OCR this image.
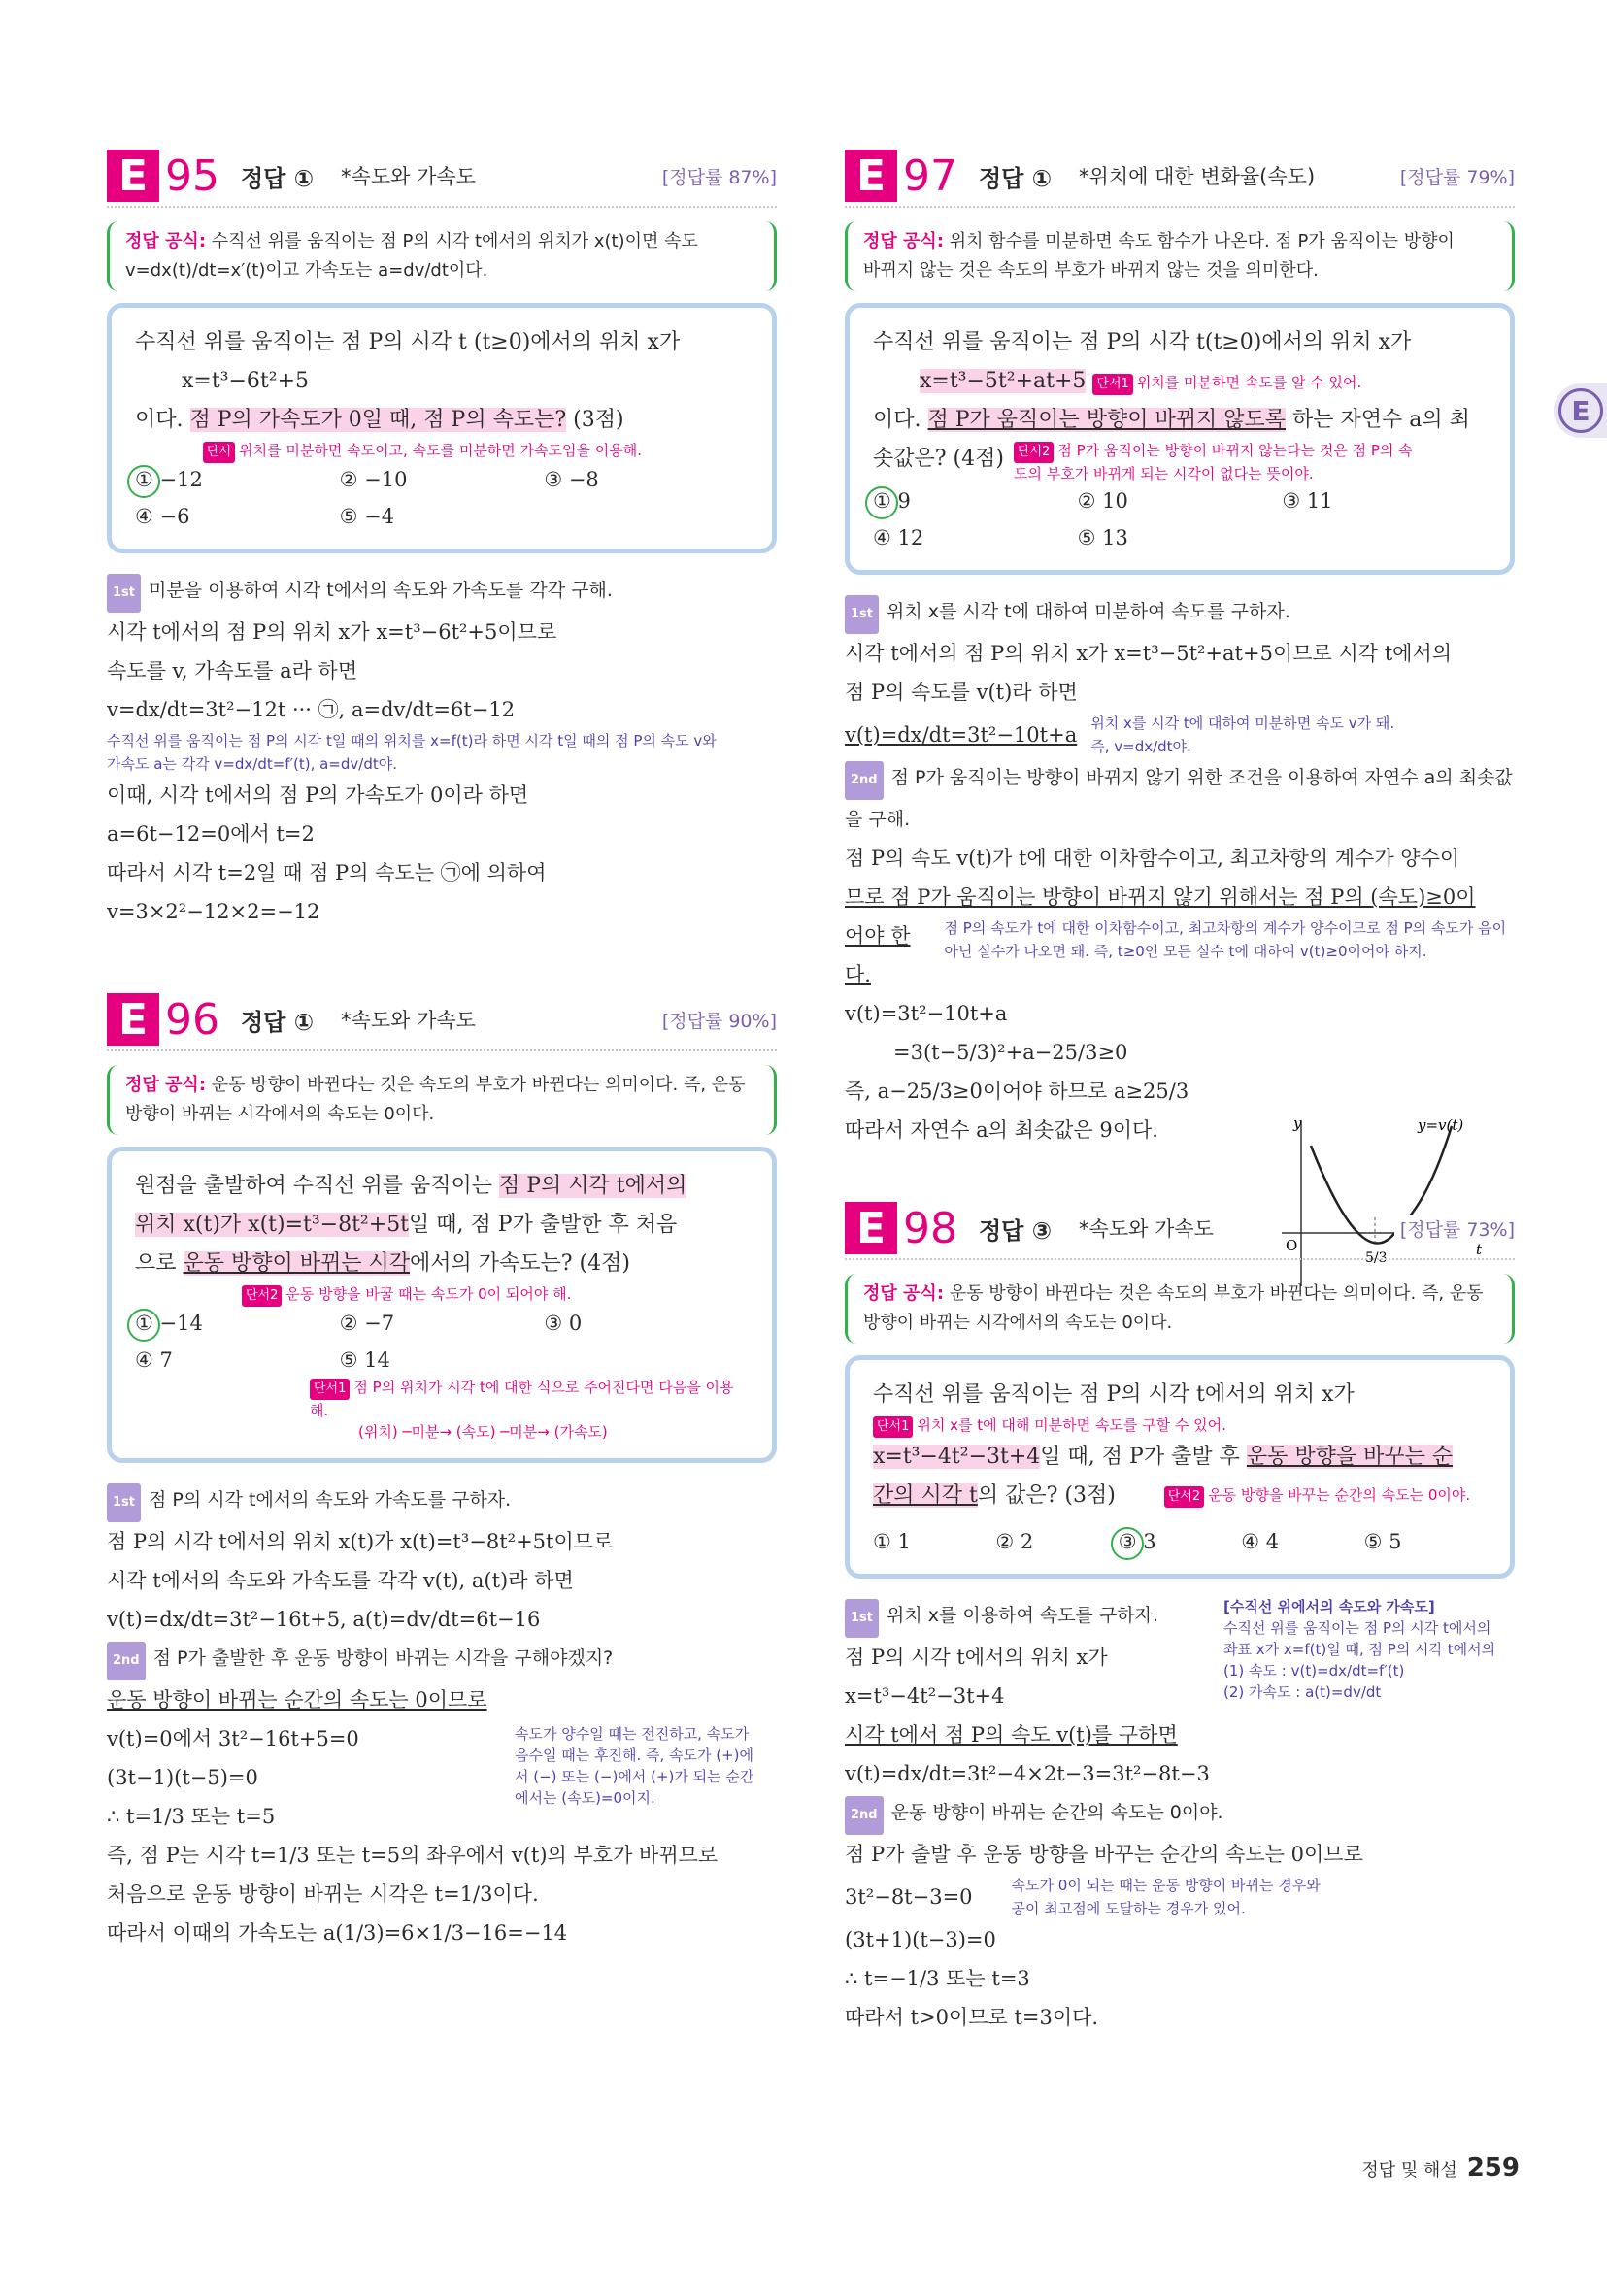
E 95 정답 ① *속도와 가속도	[정답률 87%]
정답 공식: 수직선 위를 움직이는 점 P의 시각 t에서의 위치가 x(t)이면 속도
v=dx(t)/dt=x′(t)이고 가속도는 a=dv/dt이다.
수직선 위를 움직이는 점 P의 시각 t (t≥0)에서의 위치 x가
x=t³−6t²+5
이다. 점 P의 가속도가 0일 때, 점 P의 속도는? (3점)
단서 위치를 미분하면 속도이고, 속도를 미분하면 가속도임을 이용해.
① −12	② −10	③ −8
④ −6	⑤ −4
1st 미분을 이용하여 시각 t에서의 속도와 가속도를 각각 구해.
시각 t에서의 점 P의 위치 x가 x=t³−6t²+5이므로
속도를 v, 가속도를 a라 하면
v=dx/dt=3t²−12t ··· ㉠, a=dv/dt=6t−12
수직선 위를 움직이는 점 P의 시각 t일 때의 위치를 x=f(t)라 하면 시각 t일 때의 점 P의 속도 v와
가속도 a는 각각 v=dx/dt=f′(t), a=dv/dt야.
이때, 시각 t에서의 점 P의 가속도가 0이라 하면
a=6t−12=0에서 t=2
따라서 시각 t=2일 때 점 P의 속도는 ㉠에 의하여
v=3×2²−12×2=−12
E 96 정답 ① *속도와 가속도	[정답률 90%]
정답 공식: 운동 방향이 바뀐다는 것은 속도의 부호가 바뀐다는 의미이다. 즉, 운동
방향이 바뀌는 시각에서의 속도는 0이다.
원점을 출발하여 수직선 위를 움직이는 점 P의 시각 t에서의
위치 x(t)가 x(t)=t³−8t²+5t일 때, 점 P가 출발한 후 처음
으로 운동 방향이 바뀌는 시각에서의 가속도는? (4점)
단서2 운동 방향을 바꿀 때는 속도가 0이 되어야 해.
① −14	② −7	③ 0
④ 7	⑤ 14
단서1 점 P의 위치가 시각 t에 대한 식으로 주어진다면 다음을 이용해.
(위치) ─미분→ (속도) ─미분→ (가속도)
1st 점 P의 시각 t에서의 속도와 가속도를 구하자.
점 P의 시각 t에서의 위치 x(t)가 x(t)=t³−8t²+5t이므로
시각 t에서의 속도와 가속도를 각각 v(t), a(t)라 하면
v(t)=dx/dt=3t²−16t+5, a(t)=dv/dt=6t−16
2nd 점 P가 출발한 후 운동 방향이 바뀌는 시각을 구해야겠지?
운동 방향이 바뀌는 순간의 속도는 0이므로
v(t)=0에서 3t²−16t+5=0
(3t−1)(t−5)=0
∴ t=1/3 또는 t=5
속도가 양수일 때는 전진하고, 속도가 음수일 때는 후진해. 즉, 속도가 (+)에서 (−) 또는 (−)에서 (+)가 되는 순간에서는 (속도)=0이지.
즉, 점 P는 시각 t=1/3 또는 t=5의 좌우에서 v(t)의 부호가 바뀌므로
처음으로 운동 방향이 바뀌는 시각은 t=1/3이다.
따라서 이때의 가속도는 a(1/3)=6×1/3−16=−14
E 97 정답 ① *위치에 대한 변화율(속도)	[정답률 79%]
정답 공식: 위치 함수를 미분하면 속도 함수가 나온다. 점 P가 움직이는 방향이
바뀌지 않는 것은 속도의 부호가 바뀌지 않는 것을 의미한다.
수직선 위를 움직이는 점 P의 시각 t(t≥0)에서의 위치 x가
x=t³−5t²+at+5 단서1 위치를 미분하면 속도를 알 수 있어.
이다. 점 P가 움직이는 방향이 바뀌지 않도록 하는 자연수 a의 최
솟값은? (4점)	단서2 점 P가 움직이는 방향이 바뀌지 않는다는 것은 점 P의 속도의 부호가 바뀌게 되는 시각이 없다는 뜻이야.
① 9	② 10	③ 11
④ 12	⑤ 13
1st 위치 x를 시각 t에 대하여 미분하여 속도를 구하자.
시각 t에서의 점 P의 위치 x가 x=t³−5t²+at+5이므로 시각 t에서의
점 P의 속도를 v(t)라 하면
v(t)=dx/dt=3t²−10t+a 위치 x를 시각 t에 대하여 미분하면 속도 v가 돼.
즉, v=dx/dt야.
2nd 점 P가 움직이는 방향이 바뀌지 않기 위한 조건을 이용하여 자연수 a의 최솟값을 구해.
점 P의 속도 v(t)가 t에 대한 이차함수이고, 최고차항의 계수가 양수이
므로 점 P가 움직이는 방향이 바뀌지 않기 위해서는 점 P의 (속도)≥0이
어야 한다.
점 P의 속도가 t에 대한 이차함수이고, 최고차항의 계수가 양수이므로 점 P의 속도가 음이 아닌 실수가 나오면 돼. 즉, t≥0인 모든 실수 t에 대하여 v(t)≥0이어야 하지.
v(t)=3t²−10t+a
=3(t−5/3)²+a−25/3≥0
즉, a−25/3≥0이어야 하므로 a≥25/3
따라서 자연수 a의 최솟값은 9이다.	y
t
O
y=v(t)
5/3
E 98 정답 ③ *속도와 가속도	[정답률 73%]
정답 공식: 운동 방향이 바뀐다는 것은 속도의 부호가 바뀐다는 의미이다. 즉, 운동
방향이 바뀌는 시각에서의 속도는 0이다.
수직선 위를 움직이는 점 P의 시각 t에서의 위치 x가
단서1 위치 x를 t에 대해 미분하면 속도를 구할 수 있어.
x=t³−4t²−3t+4일 때, 점 P가 출발 후 운동 방향을 바꾸는 순
간의 시각 t의 값은? (3점)	단서2 운동 방향을 바꾸는 순간의 속도는 0이야.
① 1	② 2	③ 3	④ 4	⑤ 5
1st 위치 x를 이용하여 속도를 구하자.
점 P의 시각 t에서의 위치 x가
x=t³−4t²−3t+4
시각 t에서 점 P의 속도 v(t)를 구하면
v(t)=dx/dt=3t²−4×2t−3=3t²−8t−3
[수직선 위에서의 속도와 가속도]
수직선 위를 움직이는 점 P의 시각 t에서의
좌표 x가 x=f(t)일 때, 점 P의 시각 t에서의
(1) 속도 : v(t)=dx/dt=f′(t)
(2) 가속도 : a(t)=dv/dt
2nd 운동 방향이 바뀌는 순간의 속도는 0이야.
점 P가 출발 후 운동 방향을 바꾸는 순간의 속도는 0이므로
3t²−8t−3=0	속도가 0이 되는 때는 운동 방향이 바뀌는 경우와 공이 최고점에 도달하는 경우가 있어.
(3t+1)(t−3)=0
∴ t=−1/3 또는 t=3
따라서 t>0이므로 t=3이다.
E
정답 및 해설 259
